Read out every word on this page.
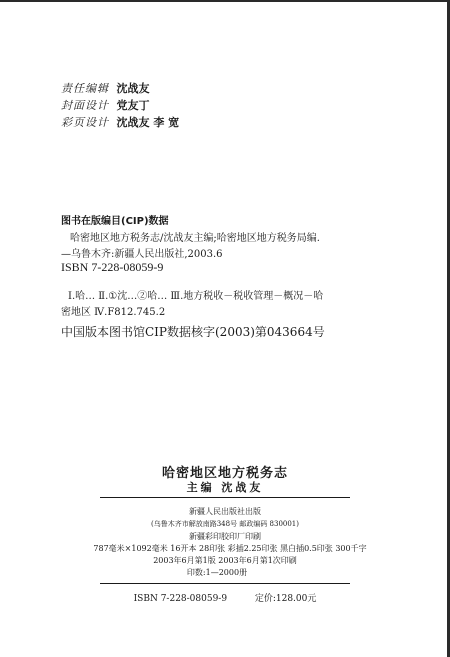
责任编辑 沈战友
封面设计 党友丁
彩页设计 沈战友 李 宽
图书在版编目(CIP)数据
哈密地区地方税务志/沈战友主编;哈密地区地方税务局编.
—乌鲁木齐:新疆人民出版社,2003.6
ISBN 7-228-08059-9
Ⅰ.哈… Ⅱ.①沈…②哈… Ⅲ.地方税收－税收管理－概况－哈
密地区 Ⅳ.F812.745.2
中国版本图书馆CIP数据核字(2003)第043664号
哈密地区地方税务志
主编 沈战友
新疆人民出版社出版
(乌鲁木齐市解放南路348号 邮政编码 830001)
新疆彩印胶印厂印刷
787毫米×1092毫米 16开本 28印张 彩插2.25印张 黑白插0.5印张 300千字
2003年6月第1版 2003年6月第1次印刷
印数:1—2000册
ISBN 7-228-08059-9	定价:128.00元
